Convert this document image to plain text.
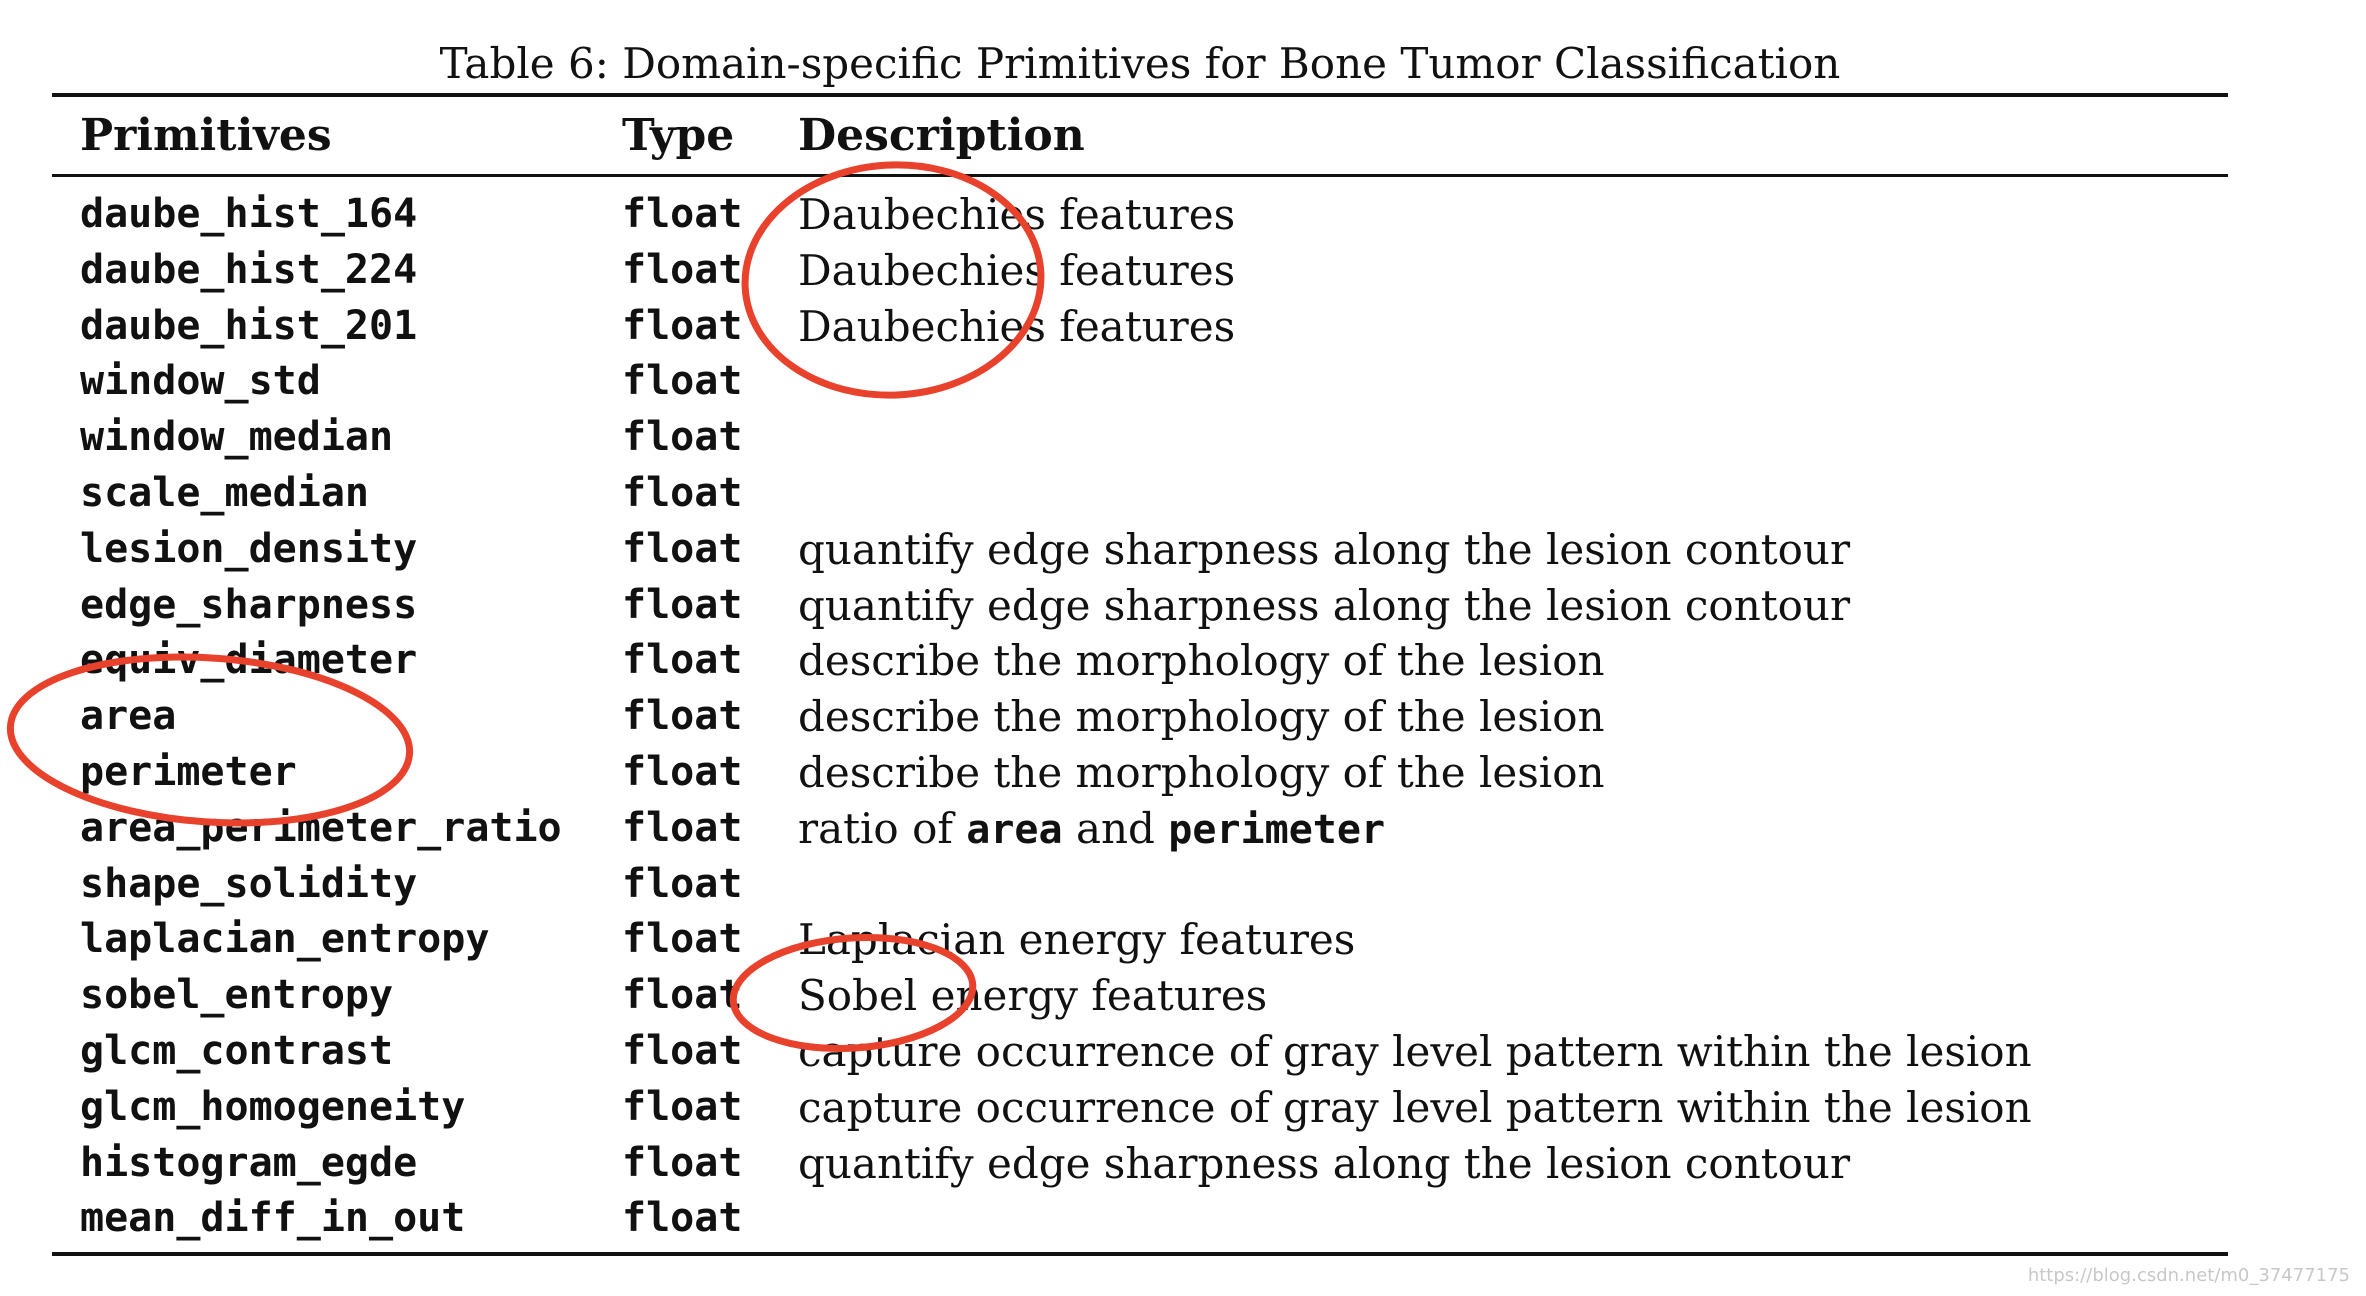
Table 6: Domain-specific Primitives for Bone Tumor Classification
Primitives	Type Description
daube_hist_164	float Daubechies features
daube_hist_224	float Daubechies features
daube_hist_201	float Daubechies features
window_std	float
window_median	float
scale_median	float
lesion_density	float quantify edge sharpness along the lesion contour
edge_sharpness	float quantify edge sharpness along the lesion contour
equiv_diameter	float describe the morphology of the lesion
area	float describe the morphology of the lesion
perimeter	float describe the morphology of the lesion
area_perimeter_ratio float ratio of area and perimeter
shape_solidity	float
laplacian_entropy	float Laplacian energy features
sobel_entropy	float Sobel energy features
glcm_contrast	float capture occurrence of gray level pattern within the lesion
glcm_homogeneity	float capture occurrence of gray level pattern within the lesion
histogram_egde	float quantify edge sharpness along the lesion contour
mean_diff_in_out	float
https://blog.csdn.net/m0_37477175
